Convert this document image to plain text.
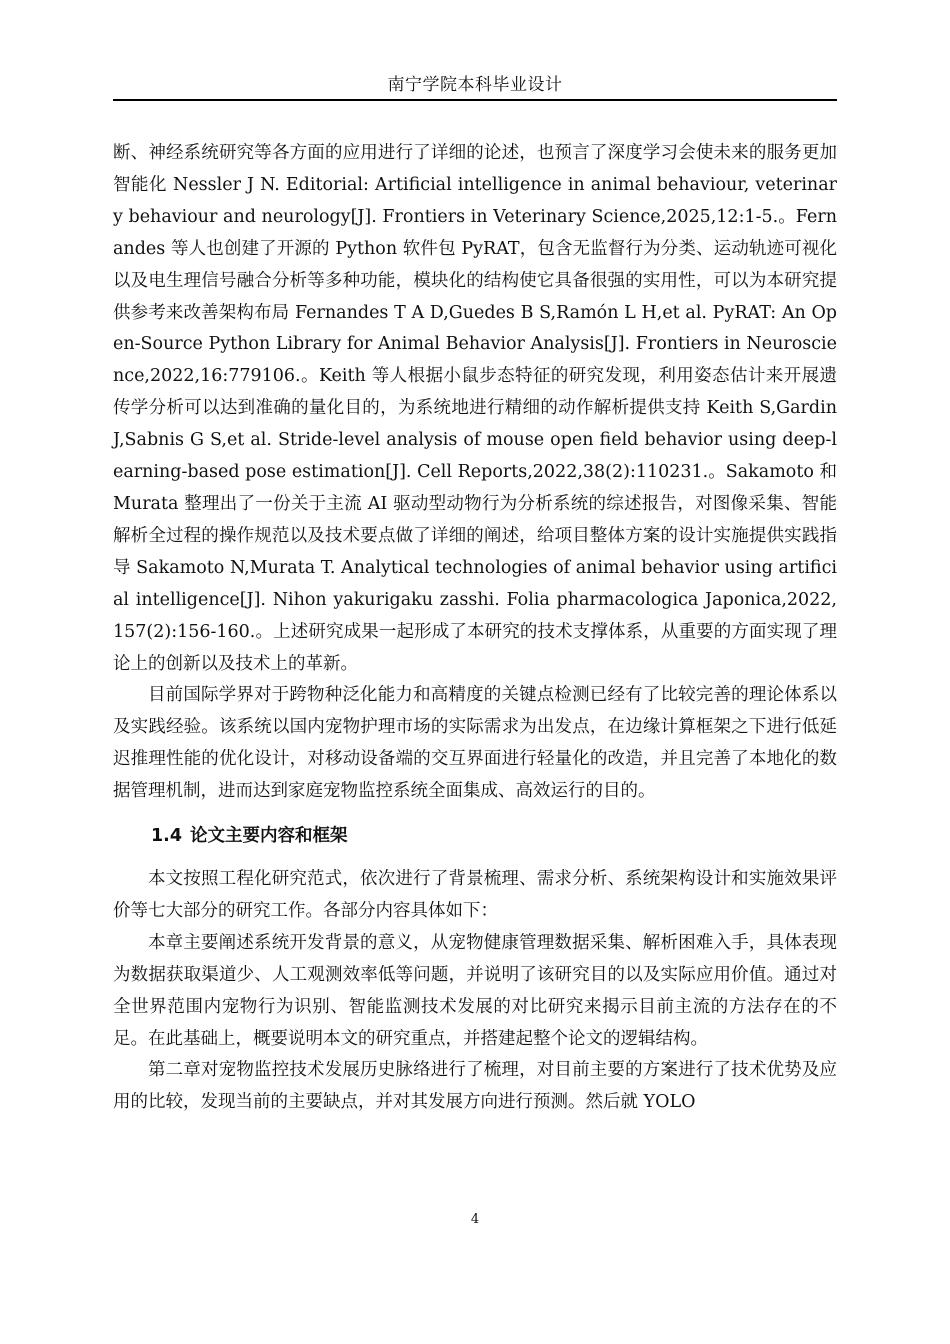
南宁学院本科毕业设计

断、神经系统研究等各方面的应用进行了详细的论述，也预言了深度学习会使未来的服务更加智能化 Nessler J N. Editorial: Artificial intelligence in animal behaviour, veterinary behaviour and neurology[J]. Frontiers in Veterinary Science,2025,12:1-5.。Fernandes 等人也创建了开源的 Python 软件包 PyRAT，包含无监督行为分类、运动轨迹可视化以及电生理信号融合分析等多种功能，模块化的结构使它具备很强的实用性，可以为本研究提供参考来改善架构布局 Fernandes T A D,Guedes B S,Ramón L H,et al. PyRAT: An Open-Source Python Library for Animal Behavior Analysis[J]. Frontiers in Neuroscience,2022,16:779106.。Keith 等人根据小鼠步态特征的研究发现，利用姿态估计来开展遗传学分析可以达到准确的量化目的，为系统地进行精细的动作解析提供支持 Keith S,Gardin J,Sabnis G S,et al. Stride-level analysis of mouse open field behavior using deep-learning-based pose estimation[J]. Cell Reports,2022,38(2):110231.。Sakamoto 和 Murata 整理出了一份关于主流 AI 驱动型动物行为分析系统的综述报告，对图像采集、智能解析全过程的操作规范以及技术要点做了详细的阐述，给项目整体方案的设计实施提供实践指导 Sakamoto N,Murata T. Analytical technologies of animal behavior using artificial intelligence[J]. Nihon yakurigaku zasshi. Folia pharmacologica Japonica,2022,157(2):156-160.。上述研究成果一起形成了本研究的技术支撑体系，从重要的方面实现了理论上的创新以及技术上的革新。

目前国际学界对于跨物种泛化能力和高精度的关键点检测已经有了比较完善的理论体系以及实践经验。该系统以国内宠物护理市场的实际需求为出发点，在边缘计算框架之下进行低延迟推理性能的优化设计，对移动设备端的交互界面进行轻量化的改造，并且完善了本地化的数据管理机制，进而达到家庭宠物监控系统全面集成、高效运行的目的。

1.4 论文主要内容和框架

本文按照工程化研究范式，依次进行了背景梳理、需求分析、系统架构设计和实施效果评价等七大部分的研究工作。各部分内容具体如下：

本章主要阐述系统开发背景的意义，从宠物健康管理数据采集、解析困难入手，具体表现为数据获取渠道少、人工观测效率低等问题，并说明了该研究目的以及实际应用价值。通过对全世界范围内宠物行为识别、智能监测技术发展的对比研究来揭示目前主流的方法存在的不足。在此基础上，概要说明本文的研究重点，并搭建起整个论文的逻辑结构。

第二章对宠物监控技术发展历史脉络进行了梳理，对目前主要的方案进行了技术优势及应用的比较，发现当前的主要缺点，并对其发展方向进行预测。然后就 YOLO

4
